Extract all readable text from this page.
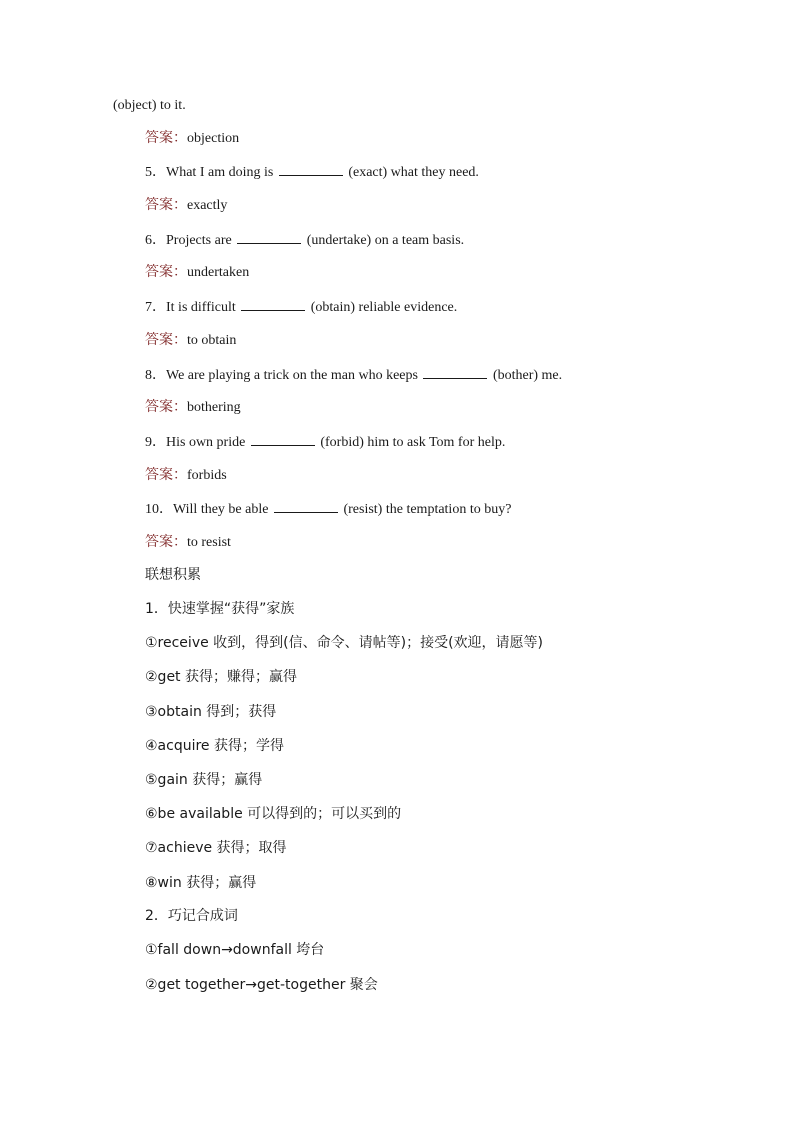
(object) to it.
答案：objection
5．What I am doing is	(exact) what they need.
答案：exactly
6．Projects are	(undertake) on a team basis.
答案：undertaken
7．It is difficult	(obtain) reliable evidence.
答案：to obtain
8．We are playing a trick on the man who keeps	(bother) me.
答案：bothering
9．His own pride	(forbid) him to ask Tom for help.
答案：forbids
10．Will they be able	(resist) the temptation to buy?
答案：to resist
联想积累
1．快速掌握“获得”家族
①receive 收到，得到(信、命令、请帖等)；接受(欢迎，请愿等)
②get 获得；赚得；赢得
③obtain 得到；获得
④acquire 获得；学得
⑤gain 获得；赢得
⑥be available 可以得到的；可以买到的
⑦achieve 获得；取得
⑧win 获得；赢得
2．巧记合成词
①fall down→downfall 垮台
②get together→get-together 聚会
